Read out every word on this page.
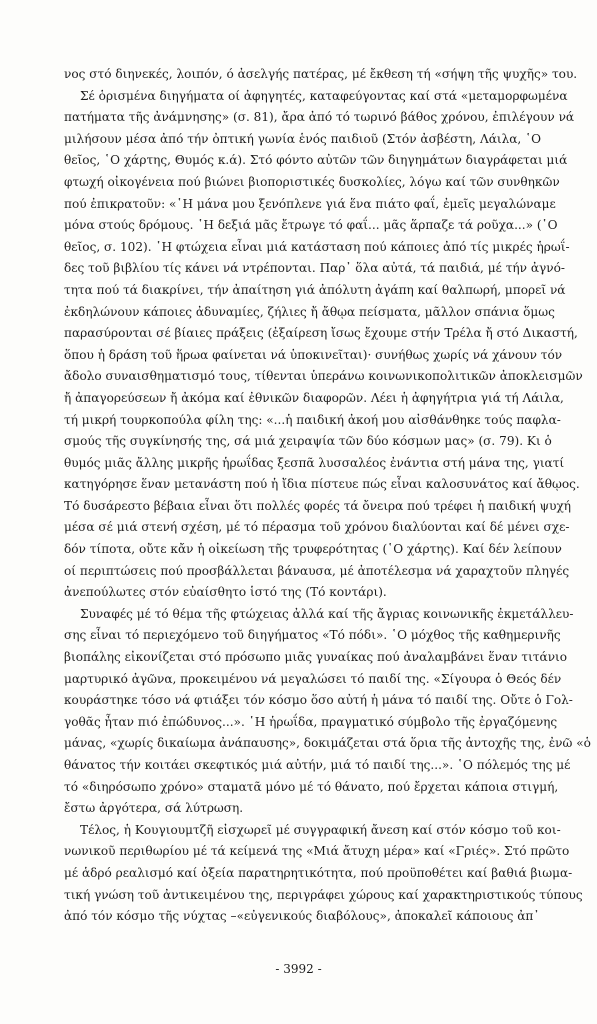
νος στό διηνεκές, λοιπόν, ό ἀσελγής πατέρας, μέ ἔκθεση τή «σήψη τῆς ψυχῆς» του.
Σέ ὁρισμένα διηγήματα οί ἀφηγητές, καταφεύγοντας καί στά «μεταμορφωμένα
πατήματα τῆς ἀνάμνησης» (σ. 81), ἄρα ἀπό τό τωρινό βάθος χρόνου, ἐπιλέγουν νά
μιλήσουν μέσα ἀπό τήν ὀπτική γωνία ἑνός παιδιοῦ (Στόν ἀσβέστη, Λάιλα, ῾Ο
θεῖος, ῾Ο χάρτης, Θυμός κ.ά). Στό φόντο αὐτῶν τῶν διηγημάτων διαγράφεται μιά
φτωχή οἰκογένεια πού βιώνει βιοποριστικές δυσκολίες, λόγω καί τῶν συνθηκῶν
πού ἐπικρατοῦν: «῾Η μάνα μου ξενόπλενε γιά ἕνα πιάτο φαΐ, ἐμεῖς μεγαλώναμε
μόνα στούς δρόμους. ῾Η δεξιά μᾶς ἔτρωγε τό φαΐ... μᾶς ἅρπαζε τά ροῦχα...» (῾Ο
θεῖος, σ. 102). ῾Η φτώχεια εἶναι μιά κατάσταση πού κάποιες ἀπό τίς μικρές ἡρωΐ-
δες τοῦ βιβλίου τίς κάνει νά ντρέπονται. Παρ᾽ ὅλα αὐτά, τά παιδιά, μέ τήν ἀγνό-
τητα πού τά διακρίνει, τήν ἀπαίτηση γιά ἀπόλυτη ἀγάπη καί θαλπωρή, μπορεῖ νά
ἐκδηλώνουν κάποιες ἀδυναμίες, ζήλιες ἤ ἄθῳα πείσματα, μᾶλλον σπάνια ὅμως
παρασύρονται σέ βίαιες πράξεις (ἐξαίρεση ἴσως ἔχουμε στήν Τρέλα ἤ στό Δικαστή,
ὅπου ἡ δράση τοῦ ἥρωα φαίνεται νά ὑποκινεῖται)· συνήθως χωρίς νά χάνουν τόν
ἄδολο συναισθηματισμό τους, τίθενται ὑπεράνω κοινωνικοπολιτικῶν ἀποκλεισμῶν
ἤ ἀπαγορεύσεων ἤ ἀκόμα καί ἐθνικῶν διαφορῶν. Λέει ἡ ἀφηγήτρια γιά τή Λάιλα,
τή μικρή τουρκοπούλα φίλη της: «...ἡ παιδική ἀκοή μου αἰσθάνθηκε τούς παφλα-
σμούς τῆς συγκίνησής της, σά μιά χειραψία τῶν δύο κόσμων μας» (σ. 79). Κι ὁ
θυμός μιᾶς ἄλλης μικρῆς ἡρωΐδας ξεσπᾶ λυσσαλέος ἐνάντια στή μάνα της, γιατί
κατηγόρησε ἕναν μετανάστη πού ἡ ἴδια πίστευε πώς εἶναι καλοσυνάτος καί ἄθῳος.
Τό δυσάρεστο βέβαια εἶναι ὅτι πολλές φορές τά ὄνειρα πού τρέφει ἡ παιδική ψυχή
μέσα σέ μιά στενή σχέση, μέ τό πέρασμα τοῦ χρόνου διαλύονται καί δέ μένει σχε-
δόν τίποτα, οὔτε κἄν ἡ οἰκείωση τῆς τρυφερότητας (῾Ο χάρτης). Καί δέν λείπουν
οί περιπτώσεις πού προσβάλλεται βάναυσα, μέ ἀποτέλεσμα νά χαραχτοῦν πληγές
ἀνεπούλωτες στόν εὐαίσθητο ἱστό της (Τό κοντάρι).
Συναφές μέ τό θέμα τῆς φτώχειας ἀλλά καί τῆς ἄγριας κοινωνικῆς ἐκμετάλλευ-
σης εἶναι τό περιεχόμενο τοῦ διηγήματος «Τό πόδι». ῾Ο μόχθος τῆς καθημερινῆς
βιοπάλης εἰκονίζεται στό πρόσωπο μιᾶς γυναίκας πού ἀναλαμβάνει ἕναν τιτάνιο
μαρτυρικό ἀγῶνα, προκειμένου νά μεγαλώσει τό παιδί της. «Σίγουρα ὁ Θεός δέν
κουράστηκε τόσο νά φτιάξει τόν κόσμο ὅσο αὐτή ἡ μάνα τό παιδί της. Οὔτε ὁ Γολ-
γοθᾶς ἦταν πιό ἐπώδυνος...». ῾Η ἡρωΐδα, πραγματικό σύμβολο τῆς ἐργαζόμενης
μάνας, «χωρίς δικαίωμα ἀνάπαυσης», δοκιμάζεται στά ὅρια τῆς ἀντοχῆς της, ἐνῶ «ὁ
θάνατος τήν κοιτάει σκεφτικός μιά αὐτήν, μιά τό παιδί της...». ῾Ο πόλεμός της μέ
τό «διηρόσωπο χρόνο» σταματᾶ μόνο μέ τό θάνατο, πού ἔρχεται κάποια στιγμή,
ἔστω ἀργότερα, σά λύτρωση.
Τέλος, ἡ Κουγιουμτζῆ εἰσχωρεῖ μέ συγγραφική ἄνεση καί στόν κόσμο τοῦ κοι-
νωνικοῦ περιθωρίου μέ τά κείμενά της «Μιά ἄτυχη μέρα» καί «Γριές». Στό πρῶτο
μέ ἁδρό ρεαλισμό καί ὀξεία παρατηρητικότητα, πού προϋποθέτει καί βαθιά βιωμα-
τική γνώση τοῦ ἀντικειμένου της, περιγράφει χώρους καί χαρακτηριστικούς τύπους
ἀπό τόν κόσμο τῆς νύχτας –«εὐγενικούς διαβόλους», ἀποκαλεῖ κάποιους ἀπ᾽
- 3992 -
